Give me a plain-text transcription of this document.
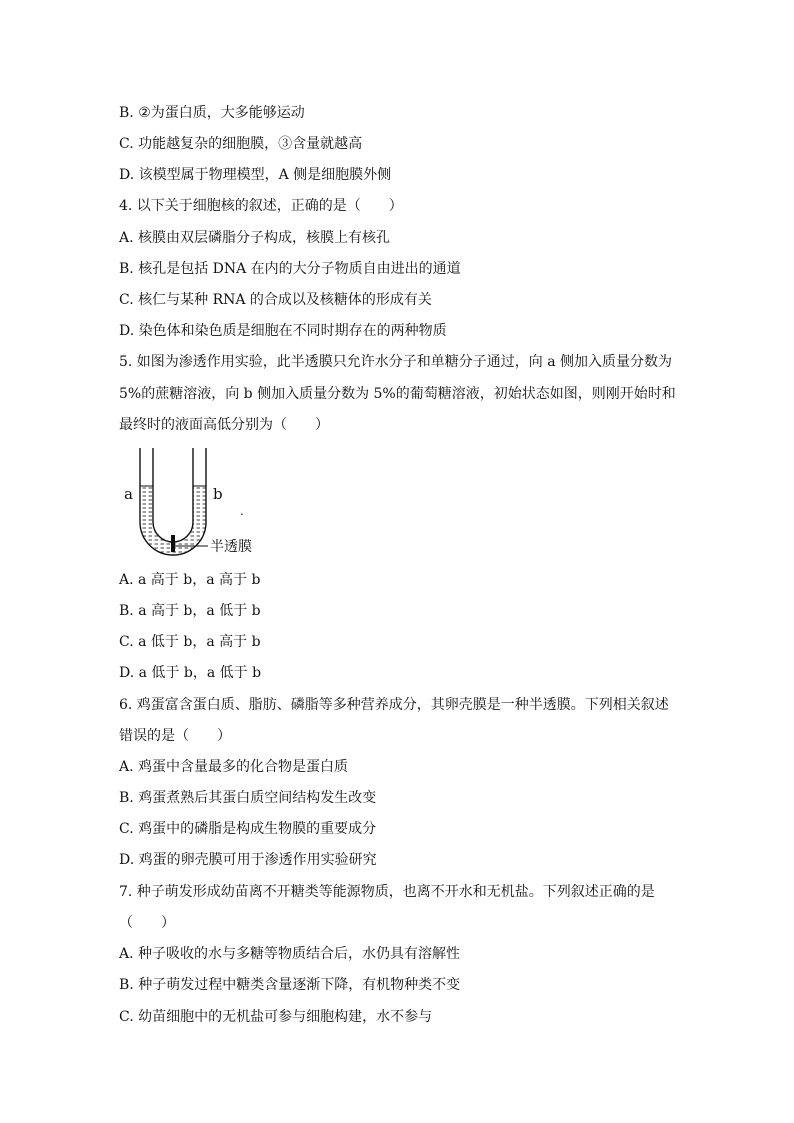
B. ②为蛋白质，大多能够运动
C. 功能越复杂的细胞膜，③含量就越高
D. 该模型属于物理模型，A 侧是细胞膜外侧
4. 以下关于细胞核的叙述，正确的是（　　）
A. 核膜由双层磷脂分子构成，核膜上有核孔
B. 核孔是包括 DNA 在内的大分子物质自由进出的通道
C. 核仁与某种 RNA 的合成以及核糖体的形成有关
D. 染色体和染色质是细胞在不同时期存在的两种物质
5. 如图为渗透作用实验，此半透膜只允许水分子和单糖分子通过，向 a 侧加入质量分数为
5%的蔗糖溶液，向 b 侧加入质量分数为 5%的葡萄糖溶液，初始状态如图，则刚开始时和
最终时的液面高低分别为（　　）
a	b
.
半透膜
A. a 高于 b，a 高于 b
B. a 高于 b，a 低于 b
C. a 低于 b，a 高于 b
D. a 低于 b，a 低于 b
6. 鸡蛋富含蛋白质、脂肪、磷脂等多种营养成分，其卵壳膜是一种半透膜。下列相关叙述
错误的是（　　）
A. 鸡蛋中含量最多的化合物是蛋白质
B. 鸡蛋煮熟后其蛋白质空间结构发生改变
C. 鸡蛋中的磷脂是构成生物膜的重要成分
D. 鸡蛋的卵壳膜可用于渗透作用实验研究
7. 种子萌发形成幼苗离不开糖类等能源物质，也离不开水和无机盐。下列叙述正确的是
（　　）
A. 种子吸收的水与多糖等物质结合后，水仍具有溶解性
B. 种子萌发过程中糖类含量逐渐下降，有机物种类不变
C. 幼苗细胞中的无机盐可参与细胞构建，水不参与
